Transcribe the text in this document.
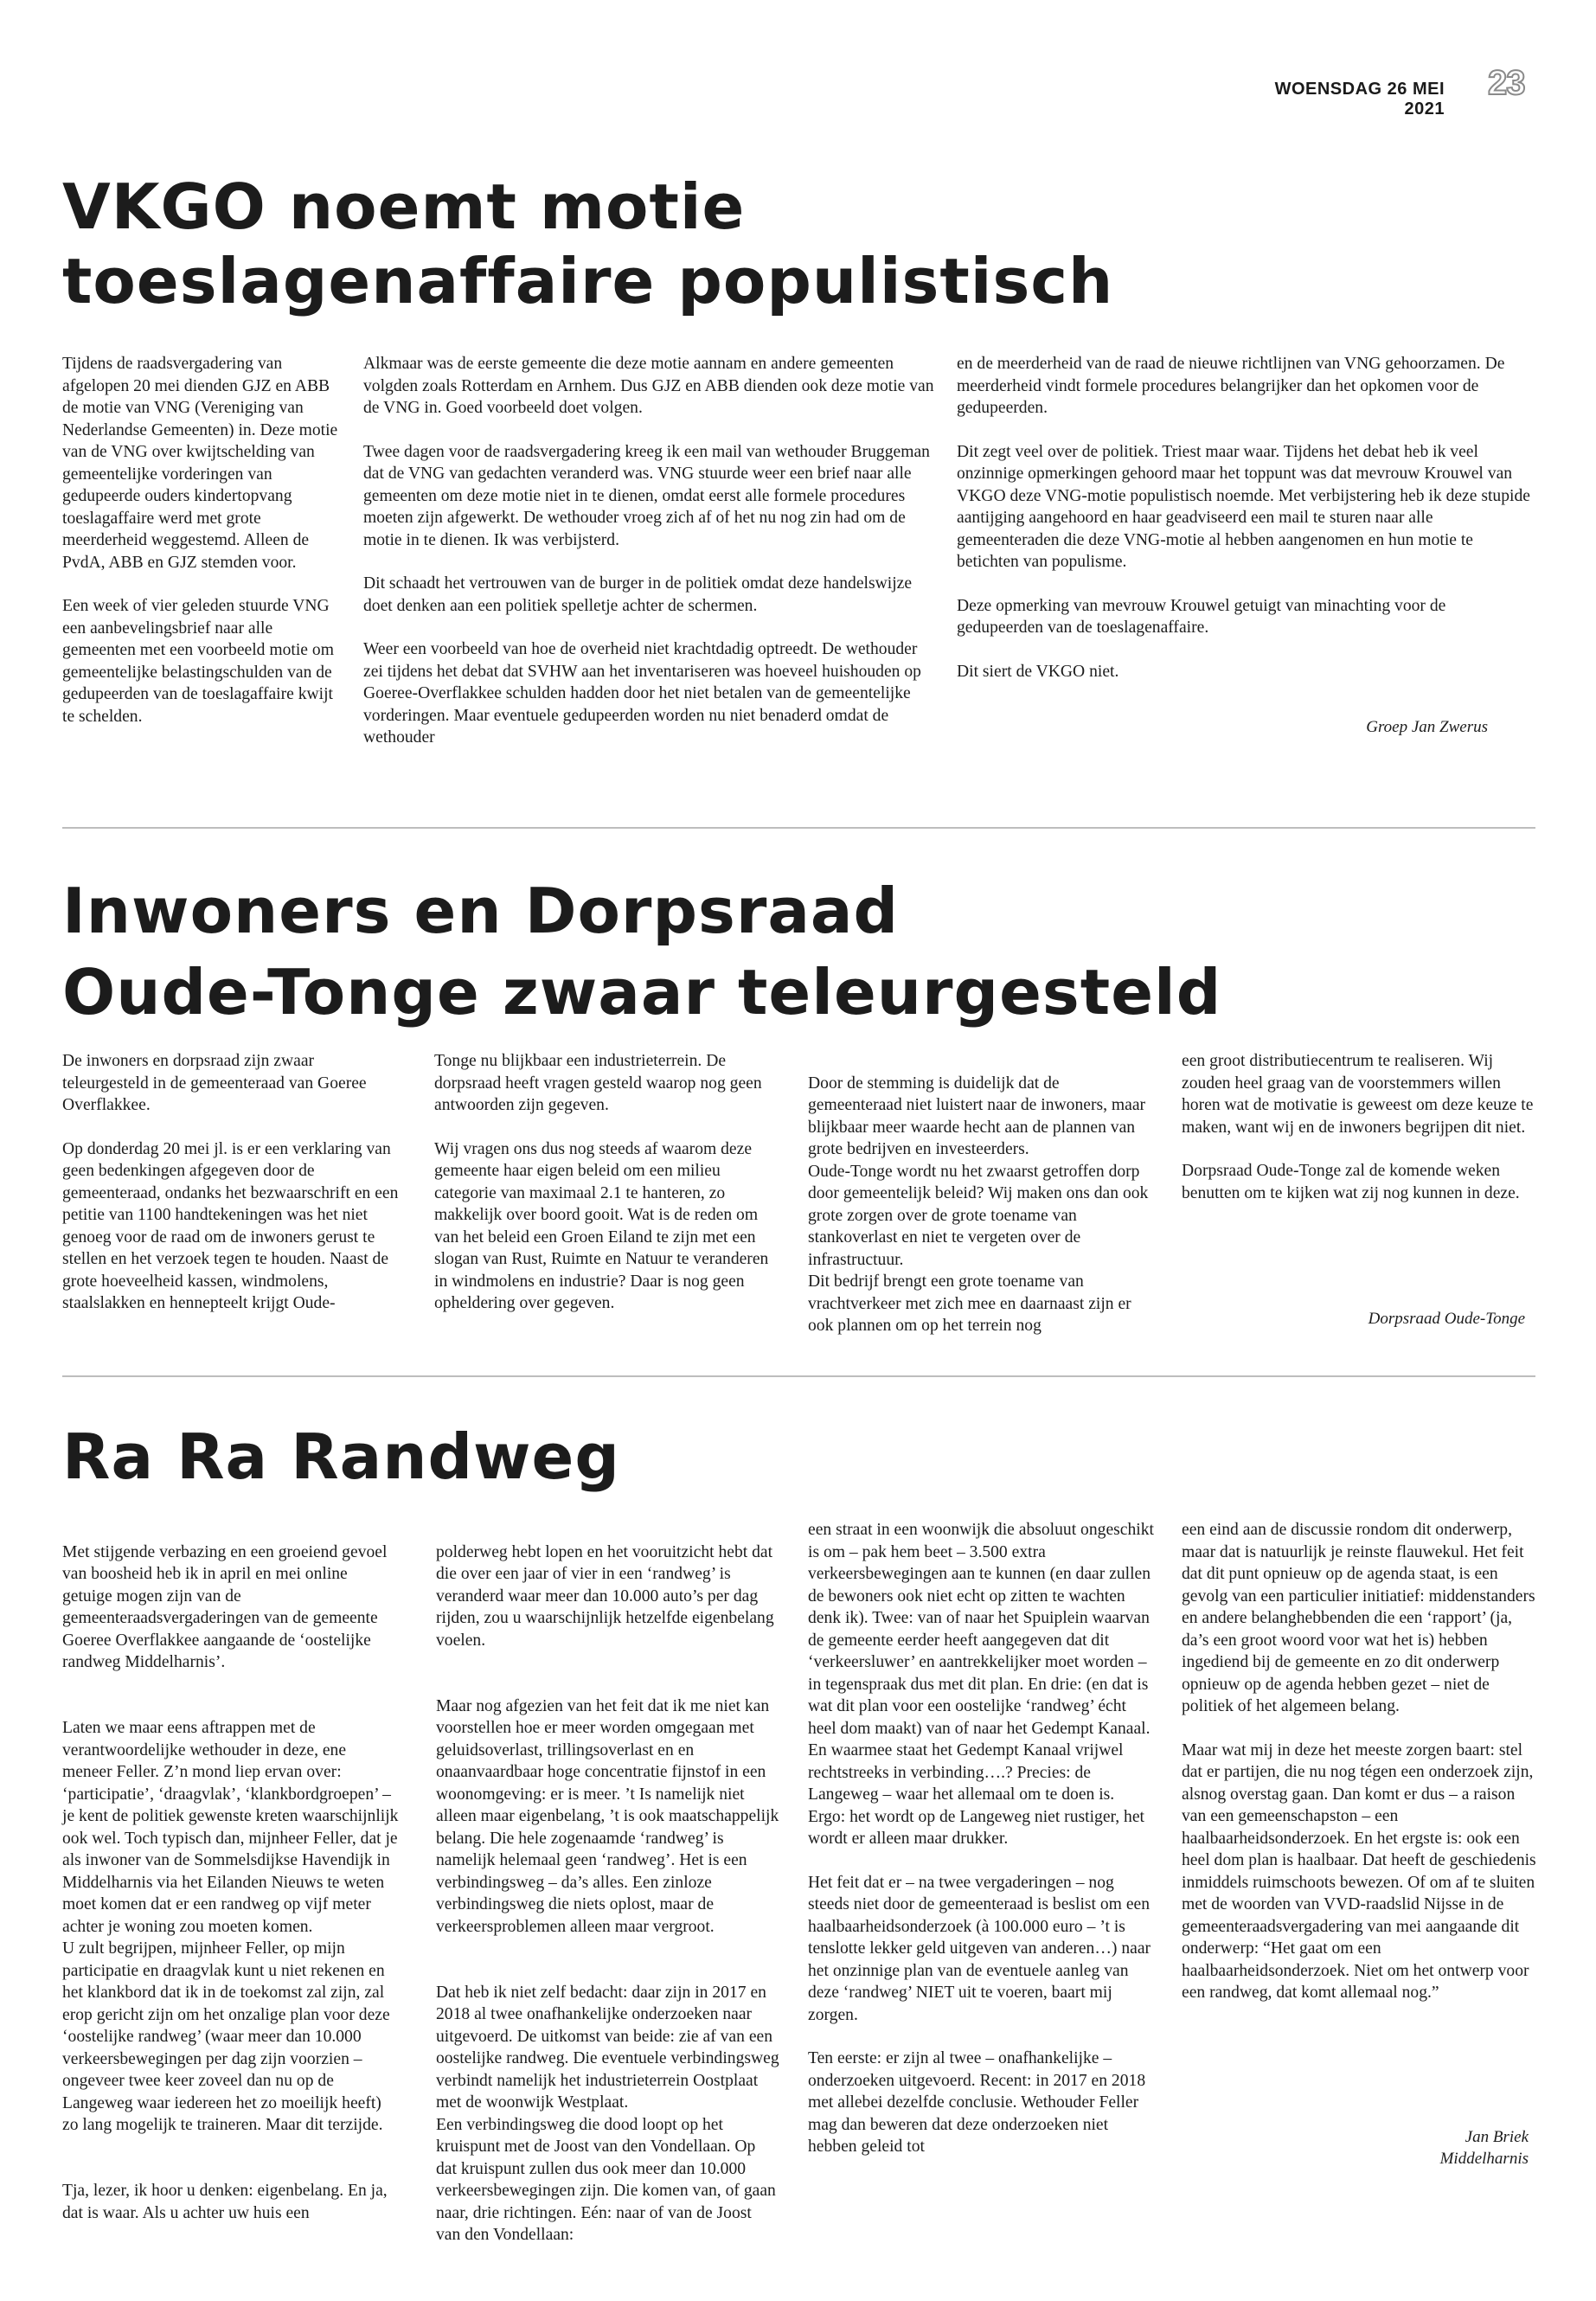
WOENSDAG 26 MEI 2021
23
VKGO noemt motie
toeslagenaffaire populistisch

Tijdens de raadsvergadering van afgelopen 20 mei dienden GJZ en ABB de motie van VNG (Vereniging van Nederlandse Gemeenten) in. Deze motie van de VNG over kwijtschelding van gemeentelijke vorderingen van gedupeerde ouders kindertopvang toeslagaffaire werd met grote meerderheid weggestemd. Alleen de PvdA, ABB en GJZ stemden voor.

Een week of vier geleden stuurde VNG een aanbevelingsbrief naar alle gemeenten met een voorbeeld motie om gemeentelijke belastingschulden van de gedupeerden van de toeslagaffaire kwijt te schelden.

Alkmaar was de eerste gemeente die deze motie aannam en andere gemeenten volgden zoals Rotterdam en Arnhem. Dus GJZ en ABB dienden ook deze motie van de VNG in. Goed voorbeeld doet volgen.

Twee dagen voor de raadsvergadering kreeg ik een mail van wethouder Bruggeman dat de VNG van gedachten veranderd was. VNG stuurde weer een brief naar alle gemeenten om deze motie niet in te dienen, omdat eerst alle formele procedures moeten zijn afgewerkt. De wethouder vroeg zich af of het nu nog zin had om de motie in te dienen. Ik was verbijsterd.

Dit schaadt het vertrouwen van de burger in de politiek omdat deze handelswijze doet denken aan een politiek spelletje achter de schermen.

Weer een voorbeeld van hoe de overheid niet krachtdadig optreedt. De wethouder zei tijdens het debat dat SVHW aan het inventariseren was hoeveel huishouden op Goeree-Overflakkee schulden hadden door het niet betalen van de gemeentelijke vorderingen. Maar eventuele gedupeerden worden nu niet benaderd omdat de wethouder

en de meerderheid van de raad de nieuwe richtlijnen van VNG gehoorzamen. De meerderheid vindt formele procedures belangrijker dan het opkomen voor de gedupeerden.

Dit zegt veel over de politiek. Triest maar waar. Tijdens het debat heb ik veel onzinnige opmerkingen gehoord maar het toppunt was dat mevrouw Krouwel van VKGO deze VNG-motie populistisch noemde. Met verbijstering heb ik deze stupide aantijging aangehoord en haar geadviseerd een mail te sturen naar alle gemeenteraden die deze VNG-motie al hebben aangenomen en hun motie te betichten van populisme.

Deze opmerking van mevrouw Krouwel getuigt van minachting voor de gedupeerden van de toeslagenaffaire.

Dit siert de VKGO niet.

Groep Jan Zwerus
Inwoners en Dorpsraad
Oude-Tonge zwaar teleurgesteld

De inwoners en dorpsraad zijn zwaar teleurgesteld in de gemeenteraad van Goeree Overflakkee.

Op donderdag 20 mei jl. is er een verklaring van geen bedenkingen afgegeven door de gemeenteraad, ondanks het bezwaarschrift en een petitie van 1100 handtekeningen was het niet genoeg voor de raad om de inwoners gerust te stellen en het verzoek tegen te houden. Naast de grote hoeveelheid kassen, windmolens, staalslakken en hennepteelt krijgt Oude-

Tonge nu blijkbaar een industrieterrein. De dorpsraad heeft vragen gesteld waarop nog geen antwoorden zijn gegeven.

Wij vragen ons dus nog steeds af waarom deze gemeente haar eigen beleid om een milieu categorie van maximaal 2.1 te hanteren, zo makkelijk over boord gooit. Wat is de reden om van het beleid een Groen Eiland te zijn met een slogan van Rust, Ruimte en Natuur te veranderen in windmolens en industrie? Daar is nog geen opheldering over gegeven.

Door de stemming is duidelijk dat de gemeenteraad niet luistert naar de inwoners, maar blijkbaar meer waarde hecht aan de plannen van grote bedrijven en investeerders.
Oude-Tonge wordt nu het zwaarst getroffen dorp door gemeentelijk beleid? Wij maken ons dan ook grote zorgen over de grote toename van stankoverlast en niet te vergeten over de infrastructuur.
Dit bedrijf brengt een grote toename van vrachtverkeer met zich mee en daarnaast zijn er ook plannen om op het terrein nog

een groot distributiecentrum te realiseren. Wij zouden heel graag van de voorstemmers willen horen wat de motivatie is geweest om deze keuze te maken, want wij en de inwoners begrijpen dit niet.

Dorpsraad Oude-Tonge zal de komende weken benutten om te kijken wat zij nog kunnen in deze.

Dorpsraad Oude-Tonge
Ra Ra Randweg

Met stijgende verbazing en een groeiend gevoel van boosheid heb ik in april en mei online getuige mogen zijn van de gemeenteraadsvergaderingen van de gemeente Goeree Overflakkee aangaande de ‘oostelijke randweg Middelharnis’.

Laten we maar eens aftrappen met de verantwoordelijke wethouder in deze, ene meneer Feller. Z’n mond liep ervan over: ‘participatie’, ‘draagvlak’, ‘klankbordgroepen’ – je kent de politiek gewenste kreten waarschijnlijk ook wel. Toch typisch dan, mijnheer Feller, dat je als inwoner van de Sommelsdijkse Havendijk in Middelharnis via het Eilanden Nieuws te weten moet komen dat er een randweg op vijf meter achter je woning zou moeten komen.
U zult begrijpen, mijnheer Feller, op mijn participatie en draagvlak kunt u niet rekenen en het klankbord dat ik in de toekomst zal zijn, zal erop gericht zijn om het onzalige plan voor deze ‘oostelijke randweg’ (waar meer dan 10.000 verkeersbewegingen per dag zijn voorzien – ongeveer twee keer zoveel dan nu op de Langeweg waar iedereen het zo moeilijk heeft) zo lang mogelijk te traineren. Maar dit terzijde.

Tja, lezer, ik hoor u denken: eigenbelang. En ja, dat is waar. Als u achter uw huis een

polderweg hebt lopen en het vooruitzicht hebt dat die over een jaar of vier in een ‘randweg’ is veranderd waar meer dan 10.000 auto’s per dag rijden, zou u waarschijnlijk hetzelfde eigenbelang voelen.

Maar nog afgezien van het feit dat ik me niet kan voorstellen hoe er meer worden omgegaan met geluidsoverlast, trillingsoverlast en en onaanvaardbaar hoge concentratie fijnstof in een woonomgeving: er is meer. ’t Is namelijk niet alleen maar eigenbelang, ’t is ook maatschappelijk belang. Die hele zogenaamde ‘randweg’ is namelijk helemaal geen ‘randweg’. Het is een verbindingsweg – da’s alles. Een zinloze verbindingsweg die niets oplost, maar de verkeersproblemen alleen maar vergroot.

Dat heb ik niet zelf bedacht: daar zijn in 2017 en 2018 al twee onafhankelijke onderzoeken naar uitgevoerd. De uitkomst van beide: zie af van een oostelijke randweg. Die eventuele verbindingsweg verbindt namelijk het industrieterrein Oostplaat met de woonwijk Westplaat.
Een verbindingsweg die dood loopt op het kruispunt met de Joost van den Vondellaan. Op dat kruispunt zullen dus ook meer dan 10.000 verkeersbewegingen zijn. Die komen van, of gaan naar, drie richtingen. Eén: naar of van de Joost van den Vondellaan:

een straat in een woonwijk die absoluut ongeschikt is om – pak hem beet – 3.500 extra verkeersbewegingen aan te kunnen (en daar zullen de bewoners ook niet echt op zitten te wachten denk ik). Twee: van of naar het Spuiplein waarvan de gemeente eerder heeft aangegeven dat dit ‘verkeersluwer’ en aantrekkelijker moet worden – in tegenspraak dus met dit plan. En drie: (en dat is wat dit plan voor een oostelijke ‘randweg’ écht heel dom maakt) van of naar het Gedempt Kanaal. En waarmee staat het Gedempt Kanaal vrijwel rechtstreeks in verbinding….? Precies: de Langeweg – waar het allemaal om te doen is. Ergo: het wordt op de Langeweg niet rustiger, het wordt er alleen maar drukker.

Het feit dat er – na twee vergaderingen – nog steeds niet door de gemeenteraad is beslist om een haalbaarheidsonderzoek (à 100.000 euro – ’t is tenslotte lekker geld uitgeven van anderen…) naar het onzinnige plan van de eventuele aanleg van deze ‘randweg’ NIET uit te voeren, baart mij zorgen.

Ten eerste: er zijn al twee – onafhankelijke – onderzoeken uitgevoerd. Recent: in 2017 en 2018 met allebei dezelfde conclusie. Wethouder Feller mag dan beweren dat deze onderzoeken niet hebben geleid tot

een eind aan de discussie rondom dit onderwerp, maar dat is natuurlijk je reinste flauwekul. Het feit dat dit punt opnieuw op de agenda staat, is een gevolg van een particulier initiatief: middenstanders en andere belanghebbenden die een ‘rapport’ (ja, da’s een groot woord voor wat het is) hebben ingediend bij de gemeente en zo dit onderwerp opnieuw op de agenda hebben gezet – niet de politiek of het algemeen belang.

Maar wat mij in deze het meeste zorgen baart: stel dat er partijen, die nu nog tégen een onderzoek zijn, alsnog overstag gaan. Dan komt er dus – a raison van een gemeenschapston – een haalbaarheidsonderzoek. En het ergste is: ook een heel dom plan is haalbaar. Dat heeft de geschiedenis inmiddels ruimschoots bewezen. Of om af te sluiten met de woorden van VVD-raadslid Nijsse in de gemeenteraadsvergadering van mei aangaande dit onderwerp: “Het gaat om een haalbaarheidsonderzoek. Niet om het ontwerp voor een randweg, dat komt allemaal nog.”

Jan Briek
Middelharnis
